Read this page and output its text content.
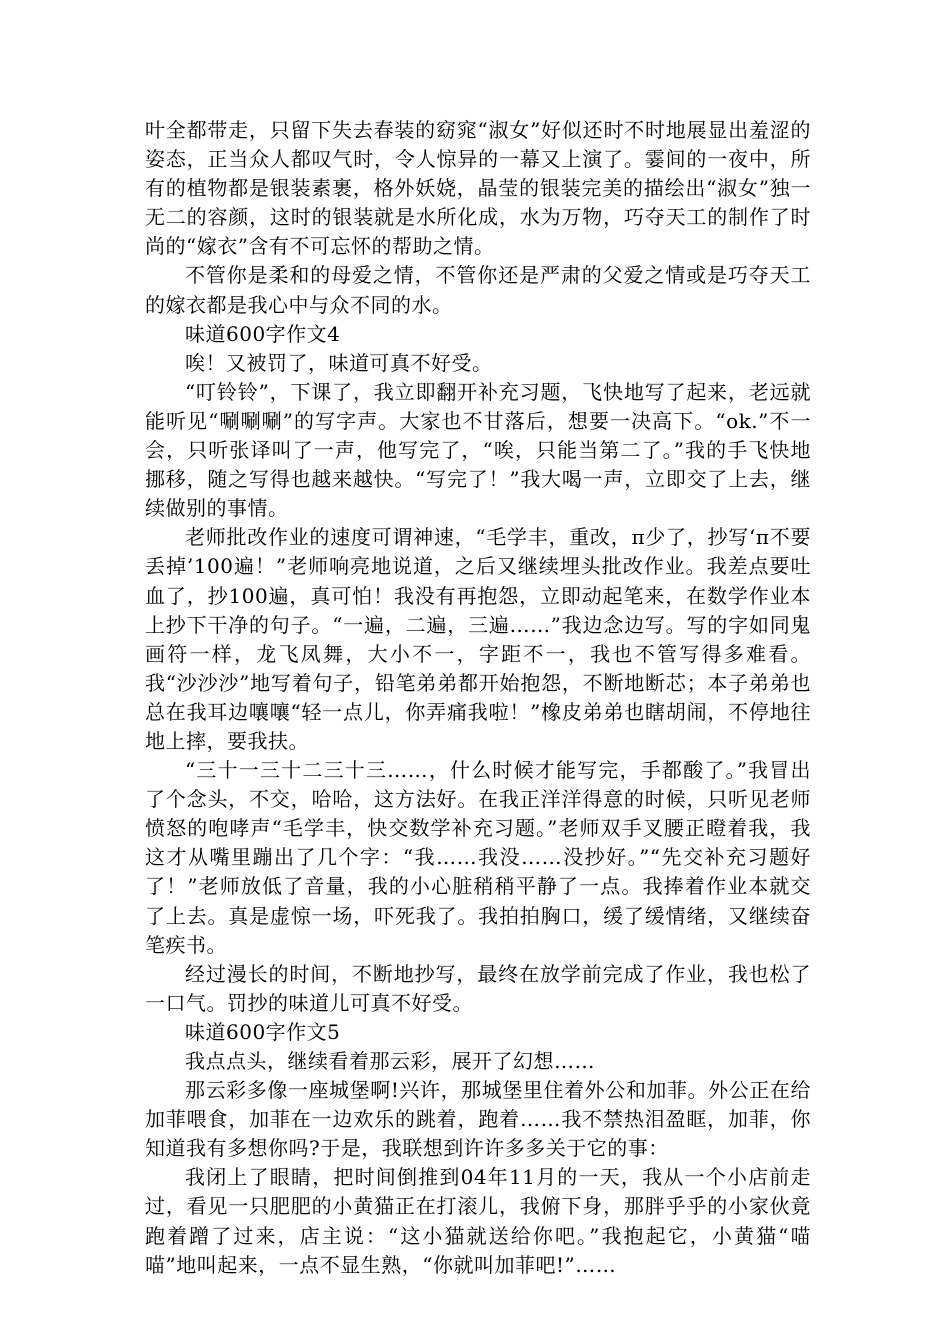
叶全都带走，只留下失去春装的窈窕“淑女”好似还时不时地展显出羞涩的姿态，正当众人都叹气时，令人惊异的一幕又上演了。霎间的一夜中，所有的植物都是银装素裹，格外妖娆，晶莹的银装完美的描绘出“淑女”独一无二的容颜，这时的银装就是水所化成，水为万物，巧夺天工的制作了时尚的“嫁衣”含有不可忘怀的帮助之情。

不管你是柔和的母爱之情，不管你还是严肃的父爱之情或是巧夺天工的嫁衣都是我心中与众不同的水。

味道600字作文4

唉！又被罚了，味道可真不好受。

“叮铃铃”，下课了，我立即翻开补充习题，飞快地写了起来，老远就能听见“唰唰唰”的写字声。大家也不甘落后，想要一决高下。“ok.”不一会，只听张译叫了一声，他写完了，“唉，只能当第二了。”我的手飞快地挪移，随之写得也越来越快。“写完了！”我大喝一声，立即交了上去，继续做别的事情。

老师批改作业的速度可谓神速，“毛学丰，重改，π少了，抄写‘π不要丢掉’100遍！”老师响亮地说道，之后又继续埋头批改作业。我差点要吐血了，抄100遍，真可怕！我没有再抱怨，立即动起笔来，在数学作业本上抄下干净的句子。“一遍，二遍，三遍……”我边念边写。写的字如同鬼画符一样，龙飞凤舞，大小不一，字距不一，我也不管写得多难看。我“沙沙沙”地写着句子，铅笔弟弟都开始抱怨，不断地断芯；本子弟弟也总在我耳边嚷嚷“轻一点儿，你弄痛我啦！”橡皮弟弟也瞎胡闹，不停地往地上摔，要我扶。

“三十一三十二三十三……，什么时候才能写完，手都酸了。”我冒出了个念头，不交，哈哈，这方法好。在我正洋洋得意的时候，只听见老师愤怒的咆哮声“毛学丰，快交数学补充习题。”老师双手叉腰正瞪着我，我这才从嘴里蹦出了几个字：“我……我没……没抄好。”“先交补充习题好了！”老师放低了音量，我的小心脏稍稍平静了一点。我捧着作业本就交了上去。真是虚惊一场，吓死我了。我拍拍胸口，缓了缓情绪，又继续奋笔疾书。

经过漫长的时间，不断地抄写，最终在放学前完成了作业，我也松了一口气。罚抄的味道儿可真不好受。

味道600字作文5

我点点头，继续看着那云彩，展开了幻想……

那云彩多像一座城堡啊!兴许，那城堡里住着外公和加菲。外公正在给加菲喂食，加菲在一边欢乐的跳着，跑着……我不禁热泪盈眶，加菲，你知道我有多想你吗?于是，我联想到许许多多关于它的事：

我闭上了眼睛，把时间倒推到04年11月的一天，我从一个小店前走过，看见一只肥肥的小黄猫正在打滚儿，我俯下身，那胖乎乎的小家伙竟跑着蹭了过来，店主说：“这小猫就送给你吧。”我抱起它，小黄猫“喵喵”地叫起来，一点不显生熟，“你就叫加菲吧!”……
